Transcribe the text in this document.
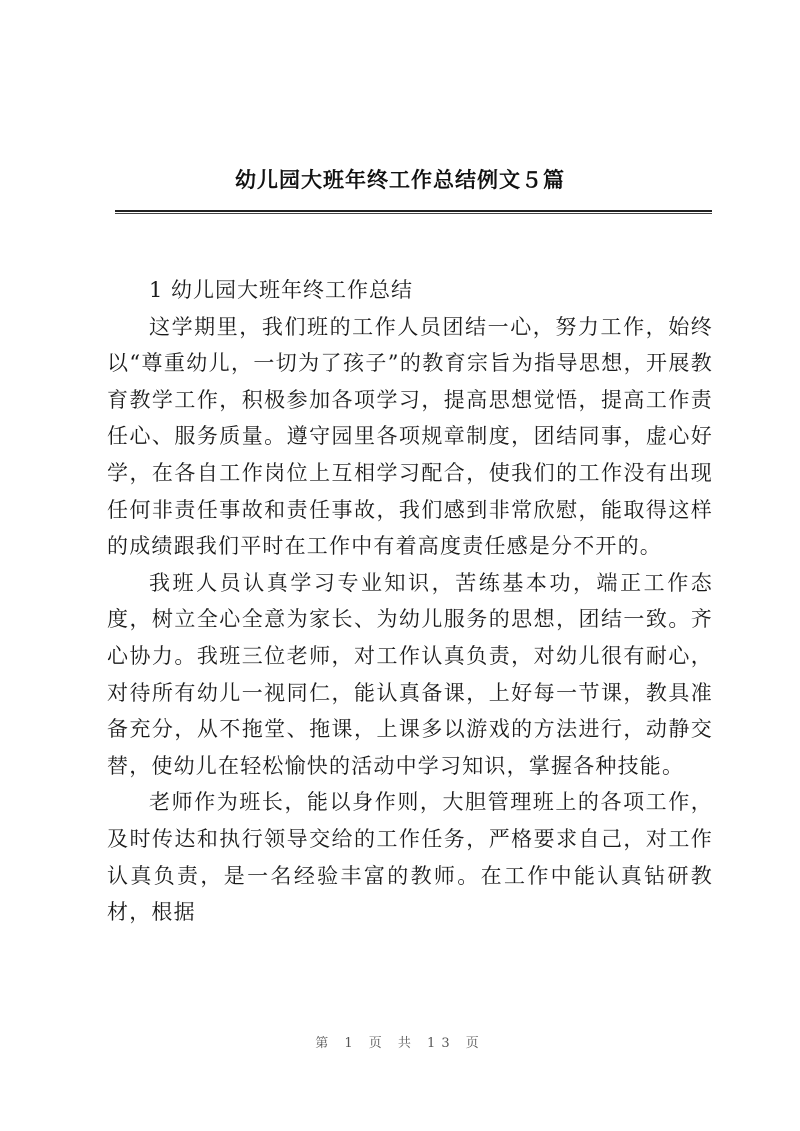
幼儿园大班年终工作总结例文５篇
1 幼儿园大班年终工作总结

这学期里，我们班的工作人员团结一心，努力工作，始终以“尊重幼儿，一切为了孩子”的教育宗旨为指导思想，开展教育教学工作，积极参加各项学习，提高思想觉悟，提高工作责任心、服务质量。遵守园里各项规章制度，团结同事，虚心好学，在各自工作岗位上互相学习配合，使我们的工作没有出现任何非责任事故和责任事故，我们感到非常欣慰，能取得这样的成绩跟我们平时在工作中有着高度责任感是分不开的。

我班人员认真学习专业知识，苦练基本功，端正工作态度，树立全心全意为家长、为幼儿服务的思想，团结一致。齐心协力。我班三位老师，对工作认真负责，对幼儿很有耐心，对待所有幼儿一视同仁，能认真备课，上好每一节课，教具准备充分，从不拖堂、拖课，上课多以游戏的方法进行，动静交替，使幼儿在轻松愉快的活动中学习知识，掌握各种技能。

老师作为班长，能以身作则，大胆管理班上的各项工作，及时传达和执行领导交给的工作任务，严格要求自己，对工作认真负责，是一名经验丰富的教师。在工作中能认真钻研教材，根据

第 1 页 共 13 页
